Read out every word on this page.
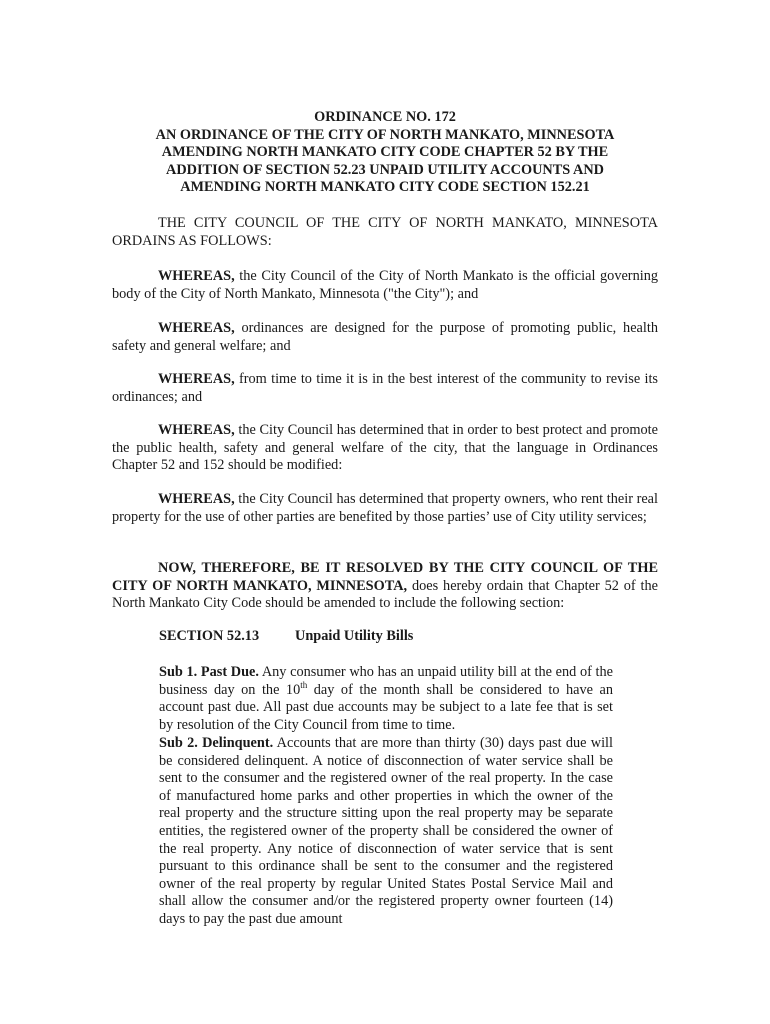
ORDINANCE NO. 172
AN ORDINANCE OF THE CITY OF NORTH MANKATO, MINNESOTA
AMENDING NORTH MANKATO CITY CODE CHAPTER 52 BY THE
ADDITION OF SECTION 52.23 UNPAID UTILITY ACCOUNTS AND
AMENDING NORTH MANKATO CITY CODE SECTION 152.21

THE CITY COUNCIL OF THE CITY OF NORTH MANKATO, MINNESOTA ORDAINS AS FOLLOWS:

WHEREAS, the City Council of the City of North Mankato is the official governing body of the City of North Mankato, Minnesota ("the City"); and

WHEREAS, ordinances are designed for the purpose of promoting public, health safety and general welfare; and

WHEREAS, from time to time it is in the best interest of the community to revise its ordinances; and

WHEREAS, the City Council has determined that in order to best protect and promote the public health, safety and general welfare of the city, that the language in Ordinances Chapter 52 and 152 should be modified:

WHEREAS, the City Council has determined that property owners, who rent their real property for the use of other parties are benefited by those parties’ use of City utility services;

NOW, THEREFORE, BE IT RESOLVED BY THE CITY COUNCIL OF THE CITY OF NORTH MANKATO, MINNESOTA, does hereby ordain that Chapter 52 of the North Mankato City Code should be amended to include the following section:

SECTION 52.13	Unpaid Utility Bills

Sub 1. Past Due. Any consumer who has an unpaid utility bill at the end of the business day on the 10th day of the month shall be considered to have an account past due. All past due accounts may be subject to a late fee that is set by resolution of the City Council from time to time.

Sub 2. Delinquent. Accounts that are more than thirty (30) days past due will be considered delinquent. A notice of disconnection of water service shall be sent to the consumer and the registered owner of the real property. In the case of manufactured home parks and other properties in which the owner of the real property and the structure sitting upon the real property may be separate entities, the registered owner of the property shall be considered the owner of the real property. Any notice of disconnection of water service that is sent pursuant to this ordinance shall be sent to the consumer and the registered owner of the real property by regular United States Postal Service Mail and shall allow the consumer and/or the registered property owner fourteen (14) days to pay the past due amount
